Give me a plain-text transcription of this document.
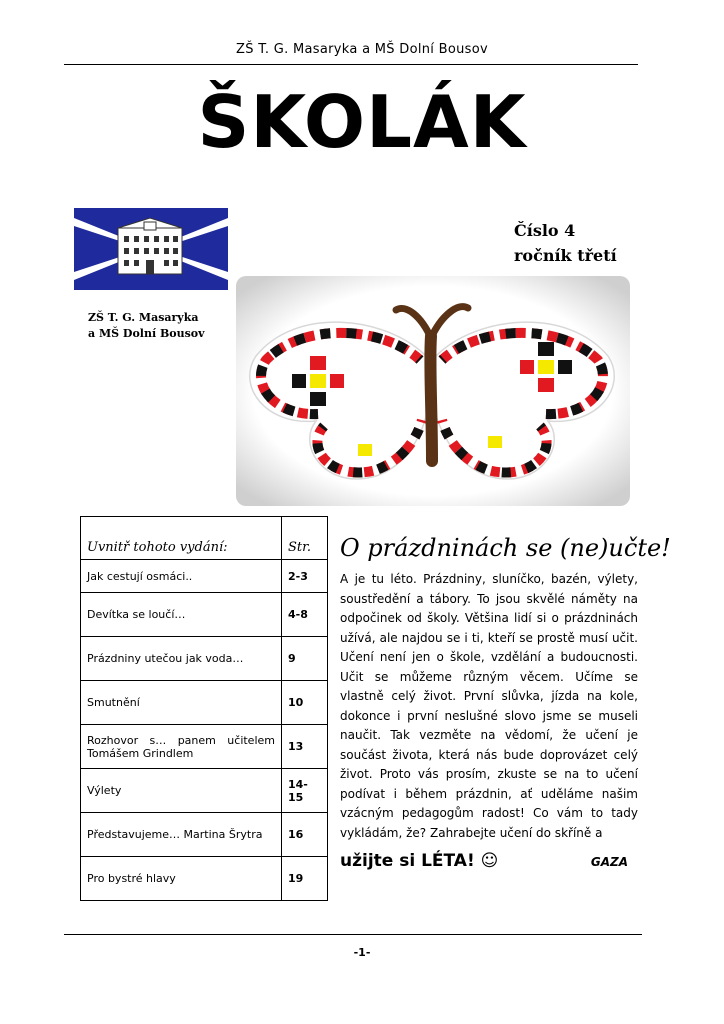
ZŠ T. G. Masaryka a MŠ Dolní Bousov
ŠKOLÁK
Číslo 4
ročník třetí
ZŠ T. G. Masaryka
a MŠ Dolní Bousov
Uvnitř tohoto vydání:	Str.
Jak cestují osmáci..	2-3
Devítka se loučí…	4-8
Prázdniny utečou jak voda…	9
Smutnění	10
Rozhovor s… panem učitelem Tomášem Grindlem	13
Výlety	14-15
Představujeme… Martina Šrytra	16
Pro bystré hlavy	19
O prázdninách se (ne)učte!
A je tu léto. Prázdniny, sluníčko, bazén, výlety, soustředění a tábory. To jsou skvělé náměty na odpočinek od školy. Většina lidí si o prázdninách užívá, ale najdou se i ti, kteří se prostě musí učit. Učení není jen o škole, vzdělání a budoucnosti. Učit se můžeme různým věcem. Učíme se vlastně celý život. První slůvka, jízda na kole, dokonce i první neslušné slovo jsme se museli naučit. Tak vezměte na vědomí, že učení je součást života, která nás bude doprovázet celý život. Proto vás prosím, zkuste se na to učení podívat i během prázdnin, ať uděláme našim vzácným pedagogům radost! Co vám to tady vykládám, že? Zahrabejte učení do skříně a
užijte si LÉTA! ☺	GAZA
-1-
